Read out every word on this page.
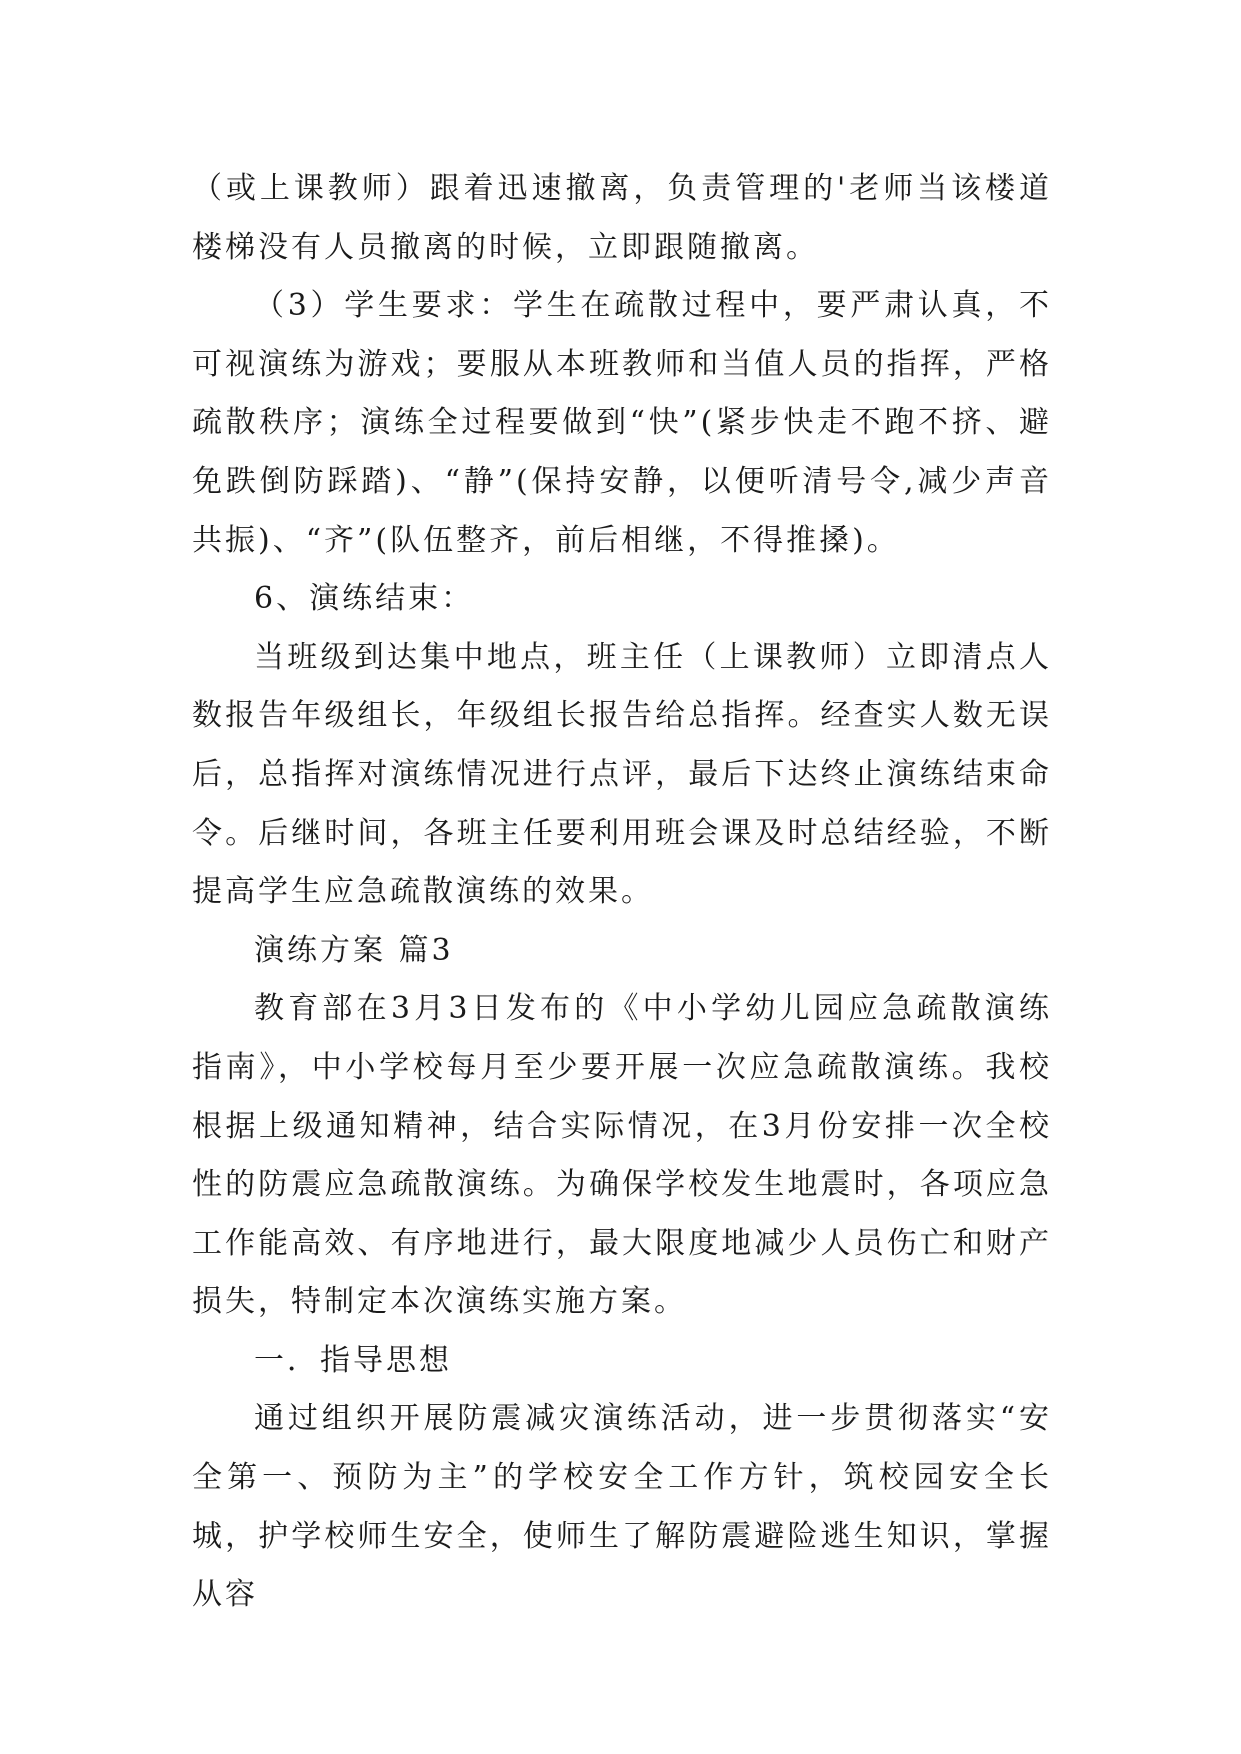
（或上课教师）跟着迅速撤离，负责管理的'老师当该楼道楼梯没有人员撤离的时候，立即跟随撤离。

（3）学生要求：学生在疏散过程中，要严肃认真，不可视演练为游戏；要服从本班教师和当值人员的指挥，严格疏散秩序；演练全过程要做到“快”(紧步快走不跑不挤、避免跌倒防踩踏)、“静”(保持安静，以便听清号令,减少声音共振)、“齐”(队伍整齐，前后相继，不得推搡)。

6、演练结束：

当班级到达集中地点，班主任（上课教师）立即清点人数报告年级组长，年级组长报告给总指挥。经查实人数无误后，总指挥对演练情况进行点评，最后下达终止演练结束命令。后继时间，各班主任要利用班会课及时总结经验，不断提高学生应急疏散演练的效果。

演练方案 篇3

教育部在3月3日发布的《中小学幼儿园应急疏散演练指南》，中小学校每月至少要开展一次应急疏散演练。我校根据上级通知精神，结合实际情况，在3月份安排一次全校性的防震应急疏散演练。为确保学校发生地震时，各项应急工作能高效、有序地进行，最大限度地减少人员伤亡和财产损失，特制定本次演练实施方案。

一．指导思想

通过组织开展防震减灾演练活动，进一步贯彻落实“安全第一、预防为主”的学校安全工作方针，筑校园安全长城，护学校师生安全，使师生了解防震避险逃生知识，掌握从容
